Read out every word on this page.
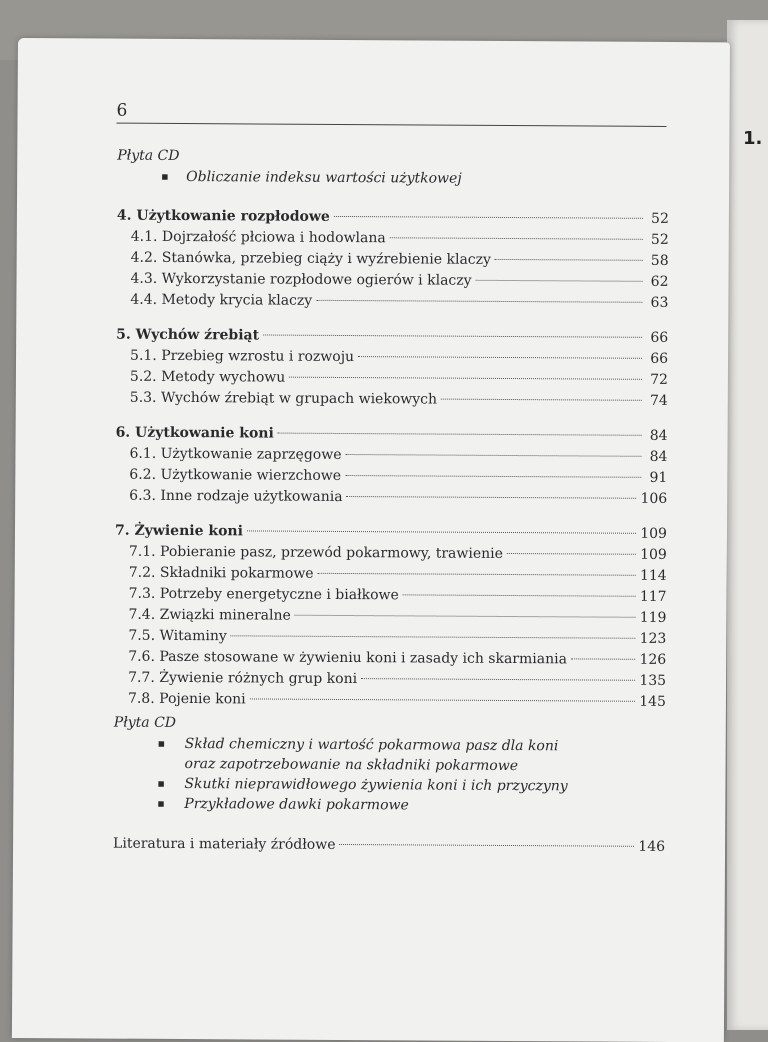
1.
6
Płyta CD
▪ Obliczanie indeksu wartości użytkowej
4. Użytkowanie rozpłodowe	52
4.1. Dojrzałość płciowa i hodowlana	52
4.2. Stanówka, przebieg ciąży i wyźrebienie klaczy	58
4.3. Wykorzystanie rozpłodowe ogierów i klaczy	62
4.4. Metody krycia klaczy	63
5. Wychów źrebiąt	66
5.1. Przebieg wzrostu i rozwoju	66
5.2. Metody wychowu	72
5.3. Wychów źrebiąt w grupach wiekowych	74
6. Użytkowanie koni	84
6.1. Użytkowanie zaprzęgowe	84
6.2. Użytkowanie wierzchowe	91
6.3. Inne rodzaje użytkowania	106
7. Żywienie koni	109
7.1. Pobieranie pasz, przewód pokarmowy, trawienie	109
7.2. Składniki pokarmowe	114
7.3. Potrzeby energetyczne i białkowe	117
7.4. Związki mineralne	119
7.5. Witaminy	123
7.6. Pasze stosowane w żywieniu koni i zasady ich skarmiania	126
7.7. Żywienie różnych grup koni	135
7.8. Pojenie koni	145
Płyta CD
▪ Skład chemiczny i wartość pokarmowa pasz dla koni
oraz zapotrzebowanie na składniki pokarmowe
▪ Skutki nieprawidłowego żywienia koni i ich przyczyny
▪ Przykładowe dawki pokarmowe
Literatura i materiały źródłowe	146
